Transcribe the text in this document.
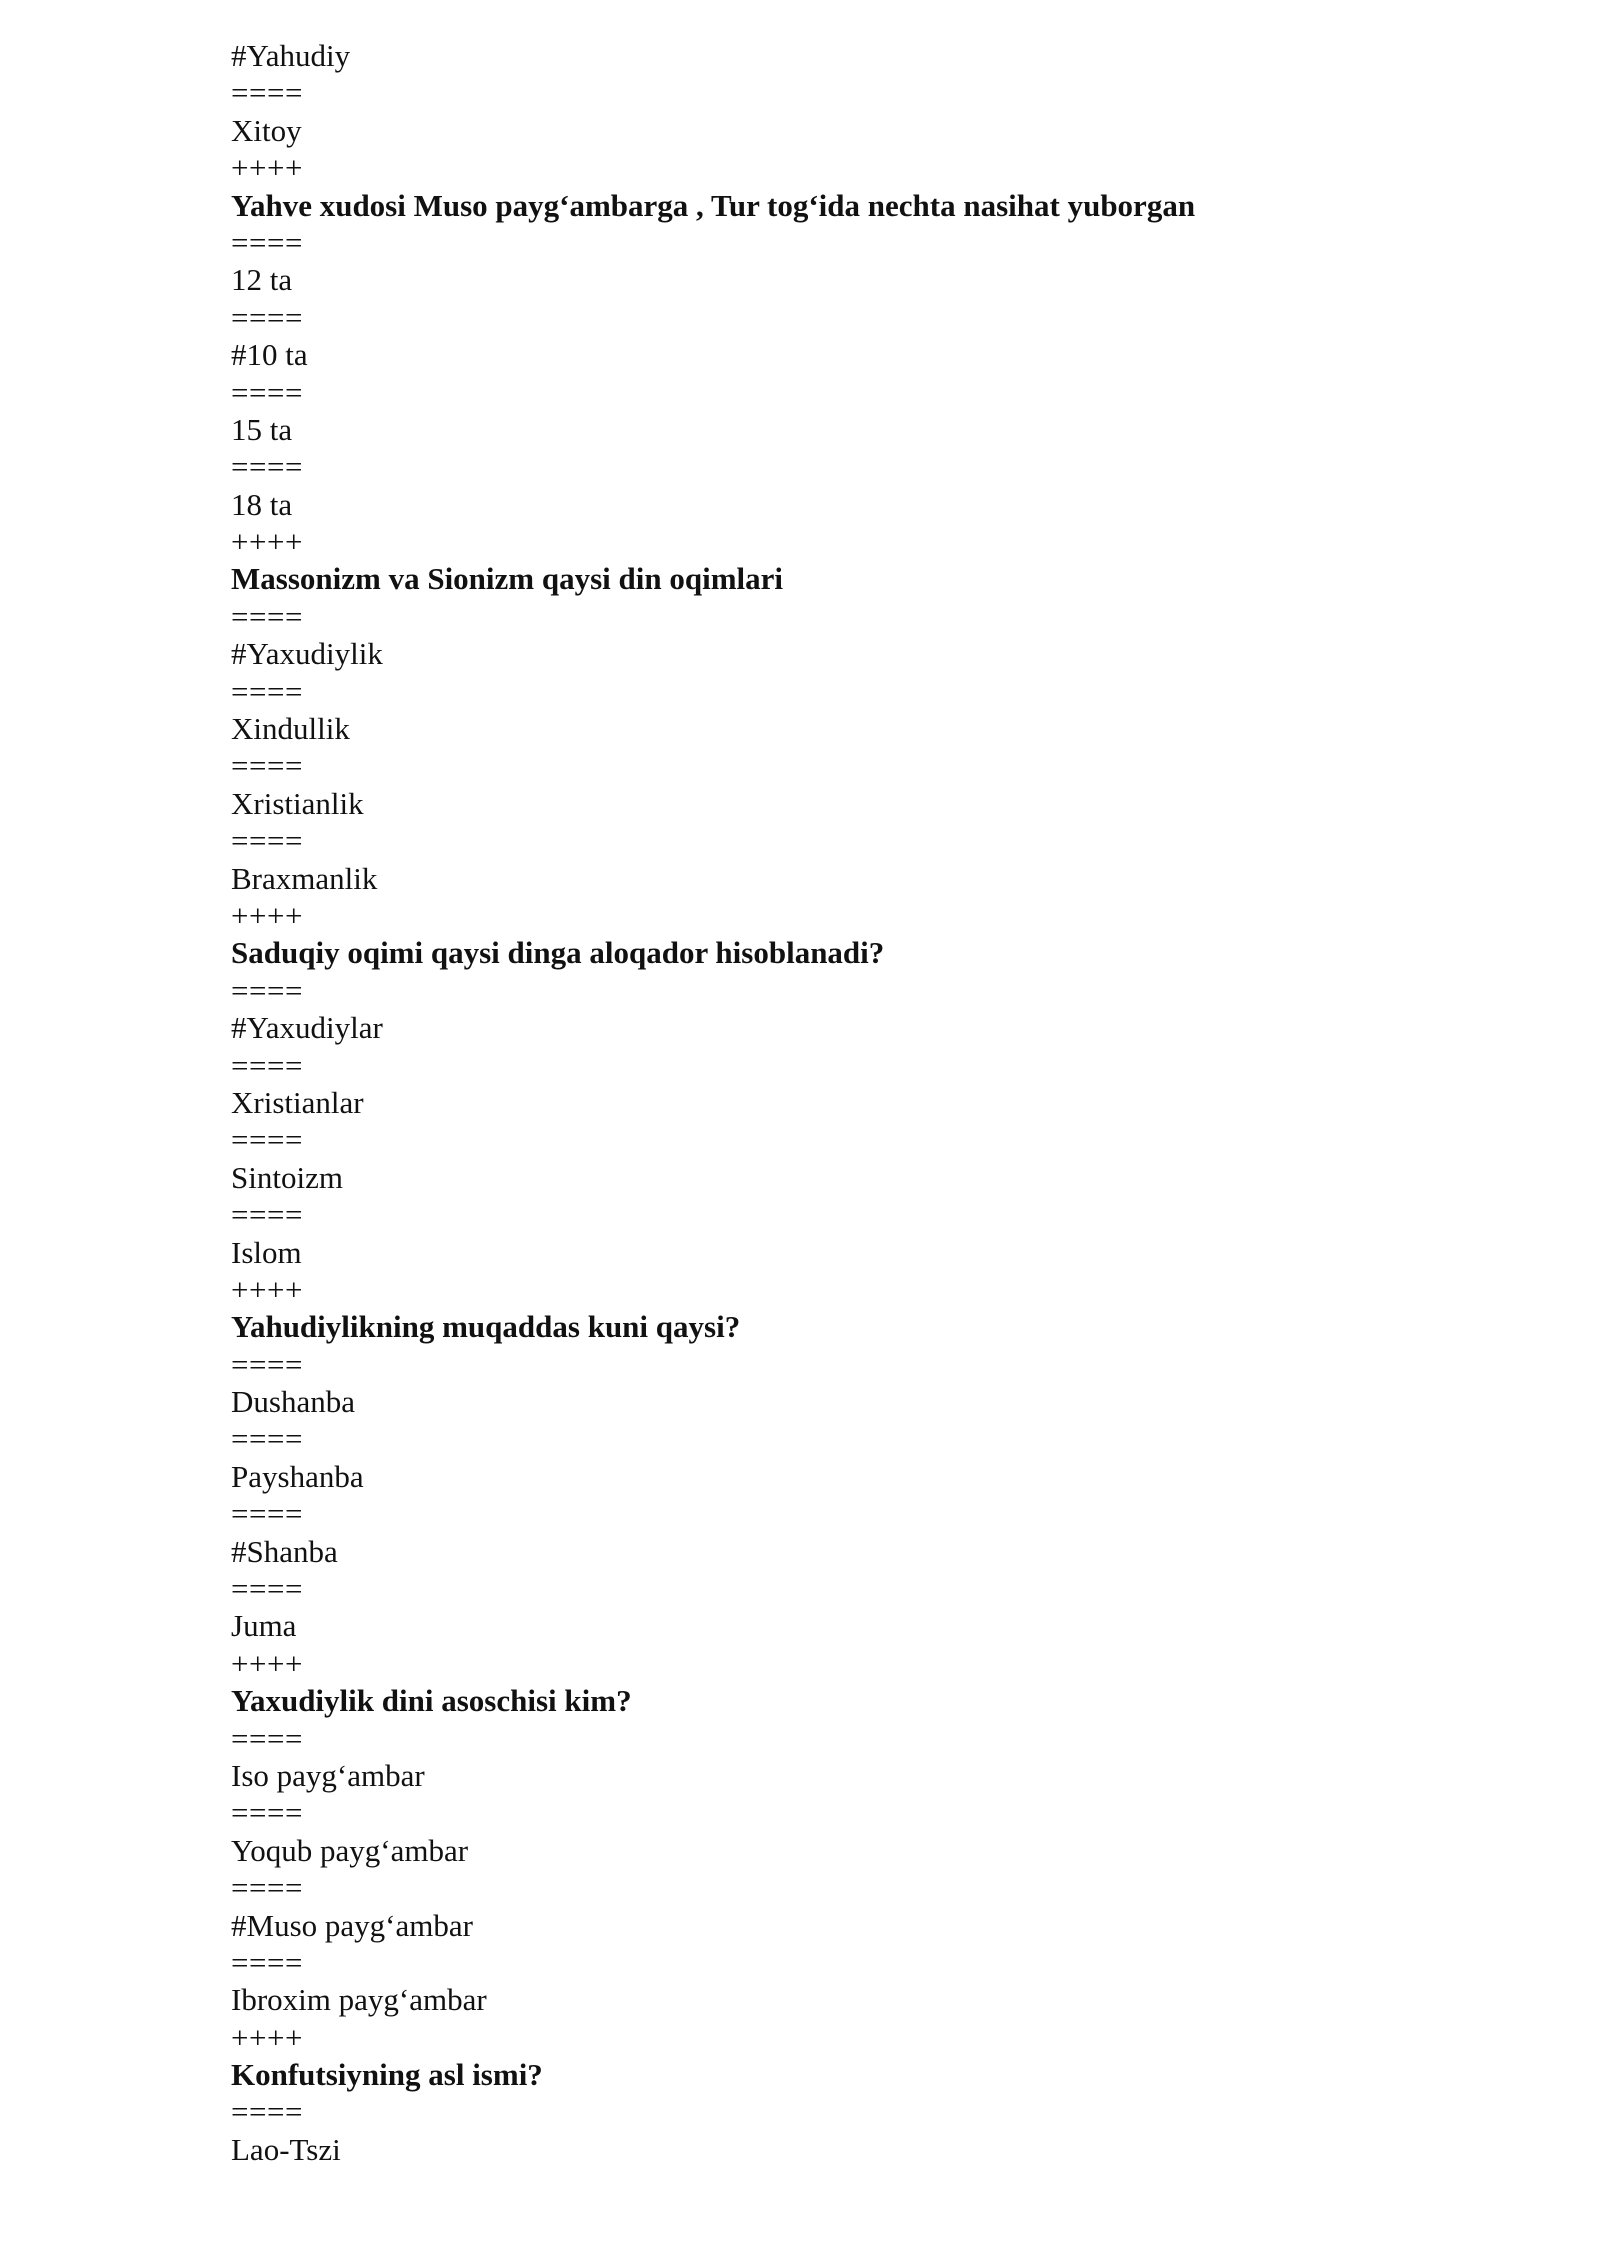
#Yahudiy
====
Xitoy
++++
Yahve xudosi Muso payg‘ambarga , Tur tog‘ida nechta nasihat yuborgan
====
12 ta
====
#10 ta
====
15 ta
====
18 ta
++++
Massonizm va Sionizm qaysi din oqimlari
====
#Yaxudiylik
====
Xindullik
====
Xristianlik
====
Braxmanlik
++++
Saduqiy oqimi qaysi dinga aloqador hisoblanadi?
====
#Yaxudiylar
====
Xristianlar
====
Sintoizm
====
Islom
++++
Yahudiylikning muqaddas kuni qaysi?
====
Dushanba
====
Payshanba
====
#Shanba
====
Juma
++++
Yaxudiylik dini asoschisi kim?
====
Iso payg‘ambar
====
Yoqub payg‘ambar
====
#Muso payg‘ambar
====
Ibroxim payg‘ambar
++++
Konfutsiyning asl ismi?
====
Lao-Tszi
